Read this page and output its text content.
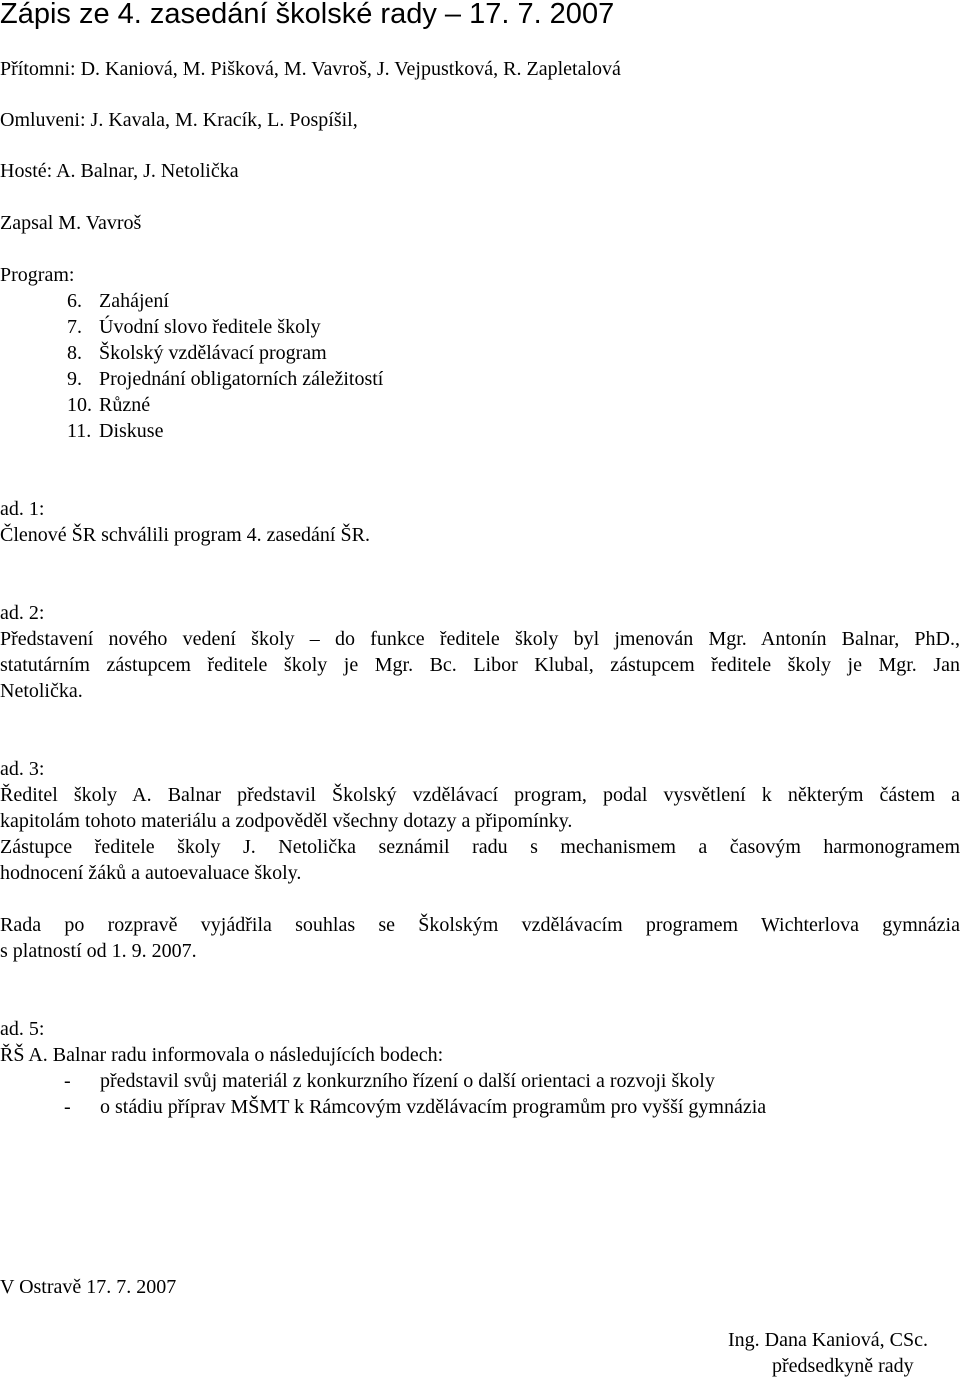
Zápis ze 4. zasedání školské rady – 17. 7. 2007
Přítomni: D. Kaniová, M. Pišková, M. Vavroš, J. Vejpustková, R. Zapletalová
Omluveni: J. Kavala, M. Kracík, L. Pospíšil,
Hosté: A. Balnar, J. Netolička
Zapsal M. Vavroš
Program:
6. Zahájení
7. Úvodní slovo ředitele školy
8. Školský vzdělávací program
9. Projednání obligatorních záležitostí
10. Různé
11. Diskuse
ad. 1:
Členové ŠR schválili program 4. zasedání ŠR.
ad. 2:
Představení nového vedení školy – do funkce ředitele školy byl jmenován Mgr. Antonín Balnar, PhD.,
statutárním zástupcem ředitele školy je Mgr. Bc. Libor Klubal, zástupcem ředitele školy je Mgr. Jan
Netolička.
ad. 3:
Ředitel školy A. Balnar představil Školský vzdělávací program, podal vysvětlení k některým částem a
kapitolám tohoto materiálu a zodpověděl všechny dotazy a připomínky.
Zástupce ředitele školy J. Netolička seznámil radu s mechanismem a časovým harmonogramem
hodnocení žáků a autoevaluace školy.
Rada po rozpravě vyjádřila souhlas se Školským vzdělávacím programem Wichterlova gymnázia
s platností od 1. 9. 2007.
ad. 5:
ŘŠ A. Balnar radu informovala o následujících bodech:
- představil svůj materiál z konkurzního řízení o další orientaci a rozvoji školy
- o stádiu příprav MŠMT k Rámcovým vzdělávacím programům pro vyšší gymnázia
V Ostravě 17. 7. 2007
Ing. Dana Kaniová, CSc.
předsedkyně rady
